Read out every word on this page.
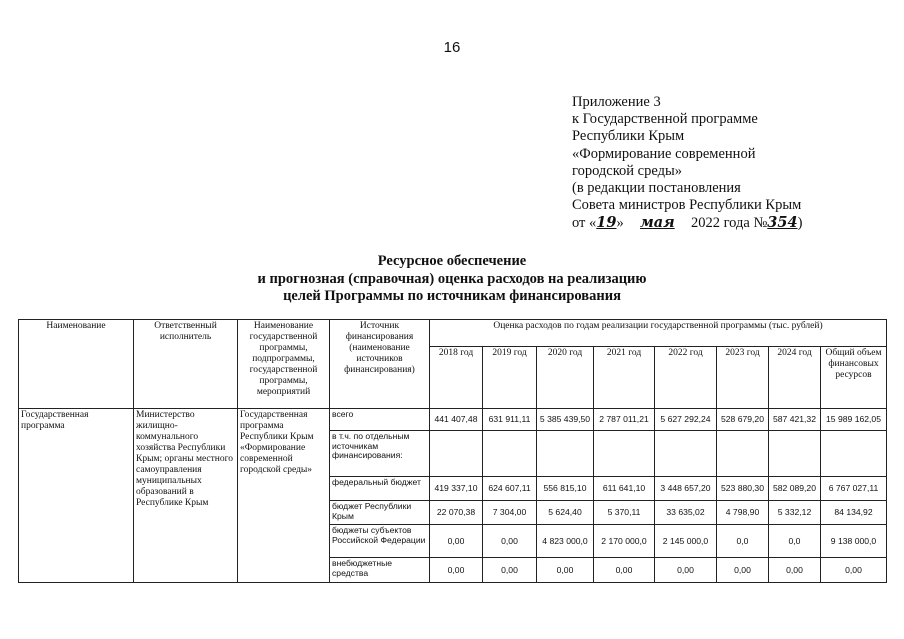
16
Приложение 3
к Государственной программе
Республики Крым
«Формирование современной
городской среды»
(в редакции постановления
Совета министров Республики Крым
от «19» мая 2022 года №354)
Ресурсное обеспечение
и прогнозная (справочная) оценка расходов на реализацию
целей Программы по источникам финансирования
Наименование	Ответственный исполнитель	Наименование государственной программы, подпрограммы, государственной программы, мероприятий	Источник финансирования (наименование источников финансирования)	Оценка расходов по годам реализации государственной программы (тыс. рублей)							
				2018 год	2019 год	2020 год	2021 год	2022 год	2023 год	2024 год	Общий объем финансовых ресурсов
Государственная программа	Министерство жилищно-коммунального хозяйства Республики Крым; органы местного самоуправления муниципальных образований в Республике Крым	Государственная программа Республики Крым «Формирование современной городской среды»	всего	441 407,48	631 911,11	5 385 439,50	2 787 011,21	5 627 292,24	528 679,20	587 421,32	15 989 162,05
			в т.ч. по отдельным источникам финансирования:								
			федеральный бюджет	419 337,10	624 607,11	556 815,10	611 641,10	3 448 657,20	523 880,30	582 089,20	6 767 027,11
			бюджет Республики Крым	22 070,38	7 304,00	5 624,40	5 370,11	33 635,02	4 798,90	5 332,12	84 134,92
			бюджеты субъектов Российской Федерации	0,00	0,00	4 823 000,0	2 170 000,0	2 145 000,0	0,0	0,0	9 138 000,0
			внебюджетные средства	0,00	0,00	0,00	0,00	0,00	0,00	0,00	0,00
